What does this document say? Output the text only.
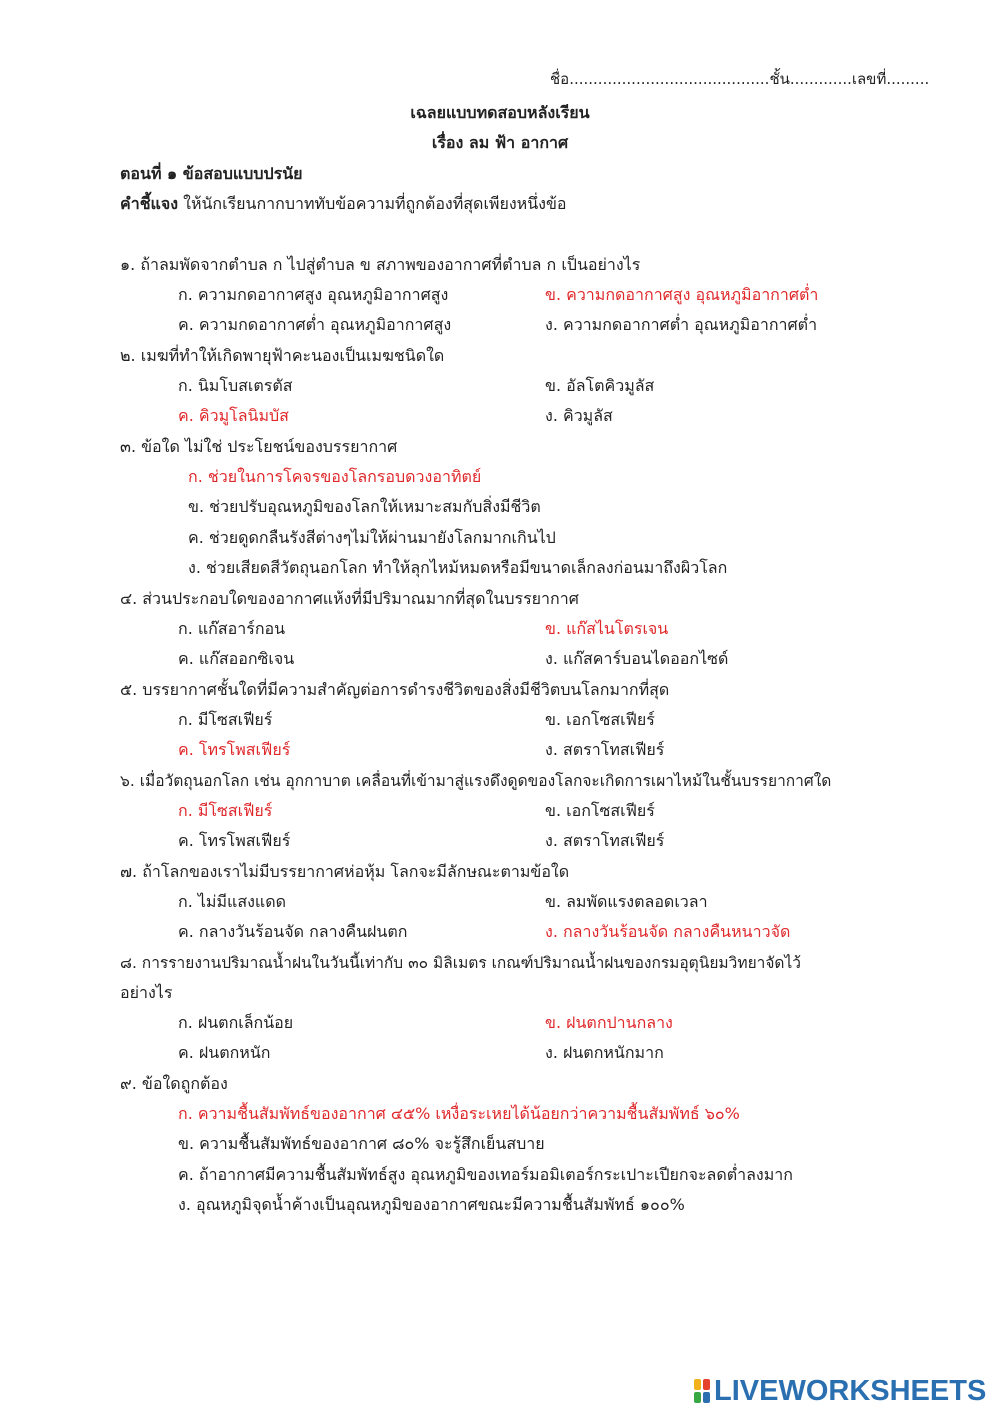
ชื่อ..........................................ชั้น.............เลขที่.........
เฉลยแบบทดสอบหลังเรียน
เรื่อง ลม ฟ้า อากาศ
ตอนที่ ๑ ข้อสอบแบบปรนัย
คำชี้แจง ให้นักเรียนกากบาททับข้อความที่ถูกต้องที่สุดเพียงหนึ่งข้อ
๑. ถ้าลมพัดจากตำบล ก ไปสู่ตำบล ข สภาพของอากาศที่ตำบล ก เป็นอย่างไร
ก. ความกดอากาศสูง อุณหภูมิอากาศสูง	ข. ความกดอากาศสูง อุณหภูมิอากาศต่ำ
ค. ความกดอากาศต่ำ อุณหภูมิอากาศสูง	ง. ความกดอากาศต่ำ อุณหภูมิอากาศต่ำ
๒. เมฆที่ทำให้เกิดพายุฟ้าคะนองเป็นเมฆชนิดใด
ก. นิมโบสเตรตัส	ข. อัลโตคิวมูลัส
ค. คิวมูโลนิมบัส	ง. คิวมูลัส
๓. ข้อใด ไม่ใช่ ประโยชน์ของบรรยากาศ
ก. ช่วยในการโคจรของโลกรอบดวงอาทิตย์
ข. ช่วยปรับอุณหภูมิของโลกให้เหมาะสมกับสิ่งมีชีวิต
ค. ช่วยดูดกลืนรังสีต่างๆไม่ให้ผ่านมายังโลกมากเกินไป
ง. ช่วยเสียดสีวัตถุนอกโลก ทำให้ลุกไหม้หมดหรือมีขนาดเล็กลงก่อนมาถึงผิวโลก
๔. ส่วนประกอบใดของอากาศแห้งที่มีปริมาณมากที่สุดในบรรยากาศ
ก. แก๊สอาร์กอน	ข. แก๊สไนโตรเจน
ค. แก๊สออกซิเจน	ง. แก๊สคาร์บอนไดออกไซด์
๕. บรรยากาศชั้นใดที่มีความสำคัญต่อการดำรงชีวิตของสิ่งมีชีวิตบนโลกมากที่สุด
ก. มีโซสเฟียร์	ข. เอกโซสเฟียร์
ค. โทรโพสเฟียร์	ง. สตราโทสเฟียร์
๖. เมื่อวัตถุนอกโลก เช่น อุกกาบาต เคลื่อนที่เข้ามาสู่แรงดึงดูดของโลกจะเกิดการเผาไหม้ในชั้นบรรยากาศใด
ก. มีโซสเฟียร์	ข. เอกโซสเฟียร์
ค. โทรโพสเฟียร์	ง. สตราโทสเฟียร์
๗. ถ้าโลกของเราไม่มีบรรยากาศห่อหุ้ม โลกจะมีลักษณะตามข้อใด
ก. ไม่มีแสงแดด	ข. ลมพัดแรงตลอดเวลา
ค. กลางวันร้อนจัด กลางคืนฝนตก	ง. กลางวันร้อนจัด กลางคืนหนาวจัด
๘. การรายงานปริมาณน้ำฝนในวันนี้เท่ากับ ๓๐ มิลิเมตร เกณฑ์ปริมาณน้ำฝนของกรมอุตุนิยมวิทยาจัดไว้
อย่างไร
ก. ฝนตกเล็กน้อย	ข. ฝนตกปานกลาง
ค. ฝนตกหนัก	ง. ฝนตกหนักมาก
๙. ข้อใดถูกต้อง
ก. ความชื้นสัมพัทธ์ของอากาศ ๔๕% เหงื่อระเหยได้น้อยกว่าความชื้นสัมพัทธ์ ๖๐%
ข. ความชื้นสัมพัทธ์ของอากาศ ๘๐% จะรู้สึกเย็นสบาย
ค. ถ้าอากาศมีความชื้นสัมพัทธ์สูง อุณหภูมิของเทอร์มอมิเตอร์กระเปาะเปียกจะลดต่ำลงมาก
ง. อุณหภูมิจุดน้ำค้างเป็นอุณหภูมิของอากาศขณะมีความชื้นสัมพัทธ์ ๑๐๐%
LIVEWORKSHEETS
